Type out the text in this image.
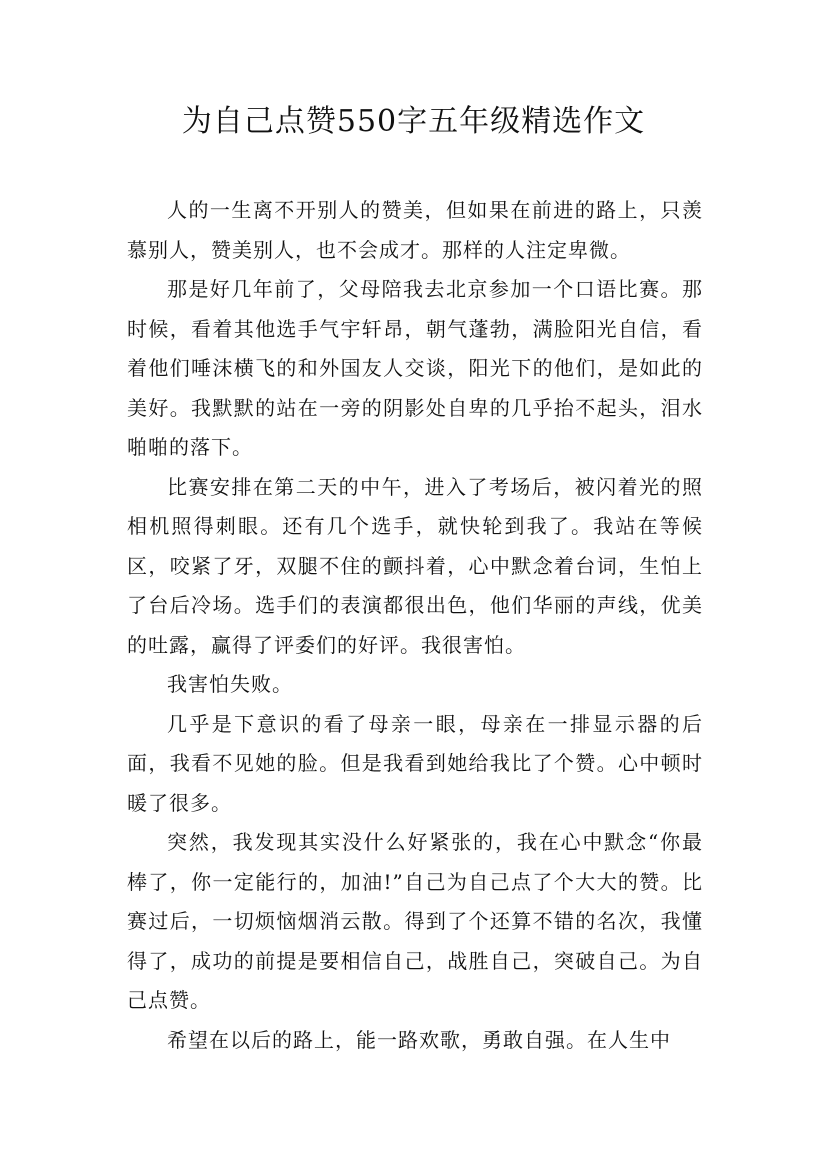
为自己点赞550字五年级精选作文

人的一生离不开别人的赞美，但如果在前进的路上，只羡慕别人，赞美别人，也不会成才。那样的人注定卑微。

那是好几年前了，父母陪我去北京参加一个口语比赛。那时候，看着其他选手气宇轩昂，朝气蓬勃，满脸阳光自信，看着他们唾沫横飞的和外国友人交谈，阳光下的他们，是如此的美好。我默默的站在一旁的阴影处自卑的几乎抬不起头，泪水啪啪的落下。

比赛安排在第二天的中午，进入了考场后，被闪着光的照相机照得刺眼。还有几个选手，就快轮到我了。我站在等候区，咬紧了牙，双腿不住的颤抖着，心中默念着台词，生怕上了台后冷场。选手们的表演都很出色，他们华丽的声线，优美的吐露，赢得了评委们的好评。我很害怕。

我害怕失败。

几乎是下意识的看了母亲一眼，母亲在一排显示器的后面，我看不见她的脸。但是我看到她给我比了个赞。心中顿时暖了很多。

突然，我发现其实没什么好紧张的，我在心中默念“你最棒了，你一定能行的，加油!”自己为自己点了个大大的赞。比赛过后，一切烦恼烟消云散。得到了个还算不错的名次，我懂得了，成功的前提是要相信自己，战胜自己，突破自己。为自己点赞。

希望在以后的路上，能一路欢歌，勇敢自强。在人生中
